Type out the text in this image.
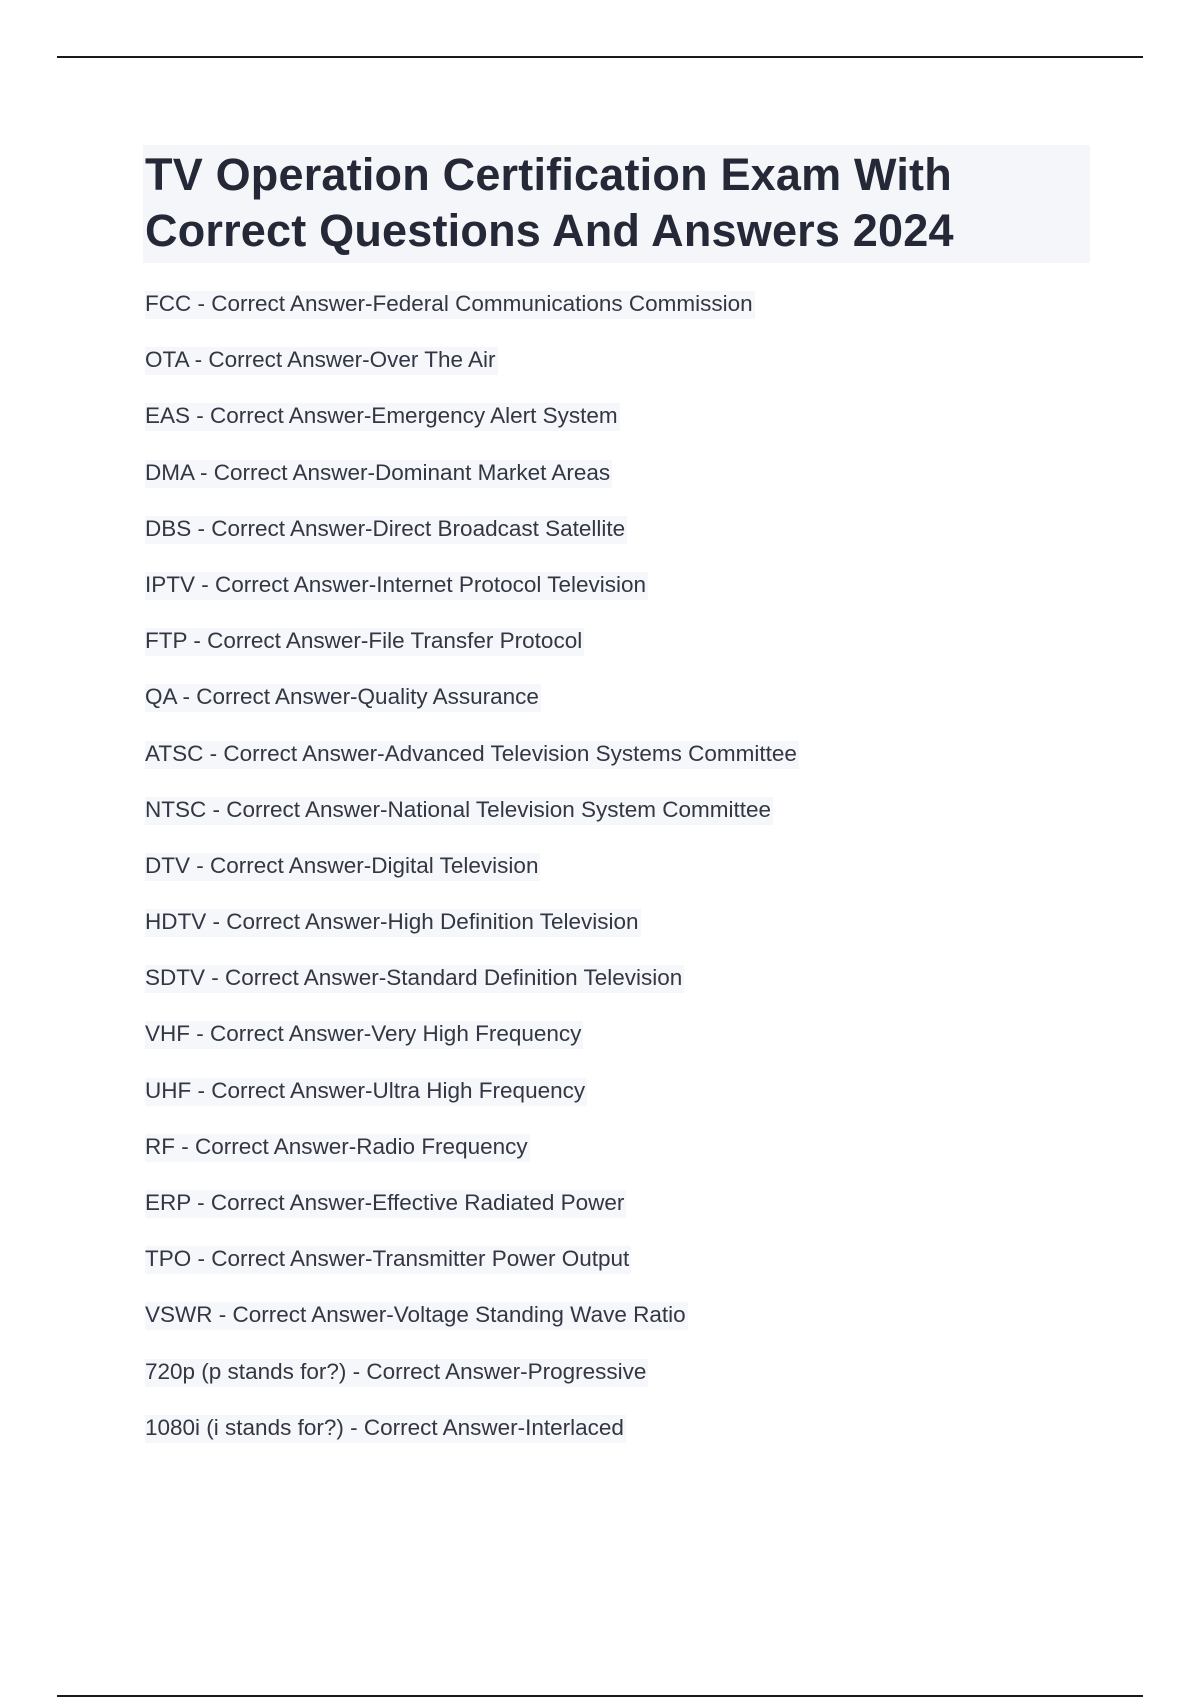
TV Operation Certification Exam With Correct Questions And Answers 2024
FCC - Correct Answer-Federal Communications Commission
OTA - Correct Answer-Over The Air
EAS - Correct Answer-Emergency Alert System
DMA - Correct Answer-Dominant Market Areas
DBS - Correct Answer-Direct Broadcast Satellite
IPTV - Correct Answer-Internet Protocol Television
FTP - Correct Answer-File Transfer Protocol
QA - Correct Answer-Quality Assurance
ATSC - Correct Answer-Advanced Television Systems Committee
NTSC - Correct Answer-National Television System Committee
DTV - Correct Answer-Digital Television
HDTV - Correct Answer-High Definition Television
SDTV - Correct Answer-Standard Definition Television
VHF - Correct Answer-Very High Frequency
UHF - Correct Answer-Ultra High Frequency
RF - Correct Answer-Radio Frequency
ERP - Correct Answer-Effective Radiated Power
TPO - Correct Answer-Transmitter Power Output
VSWR - Correct Answer-Voltage Standing Wave Ratio
720p (p stands for?) - Correct Answer-Progressive
1080i (i stands for?) - Correct Answer-Interlaced
